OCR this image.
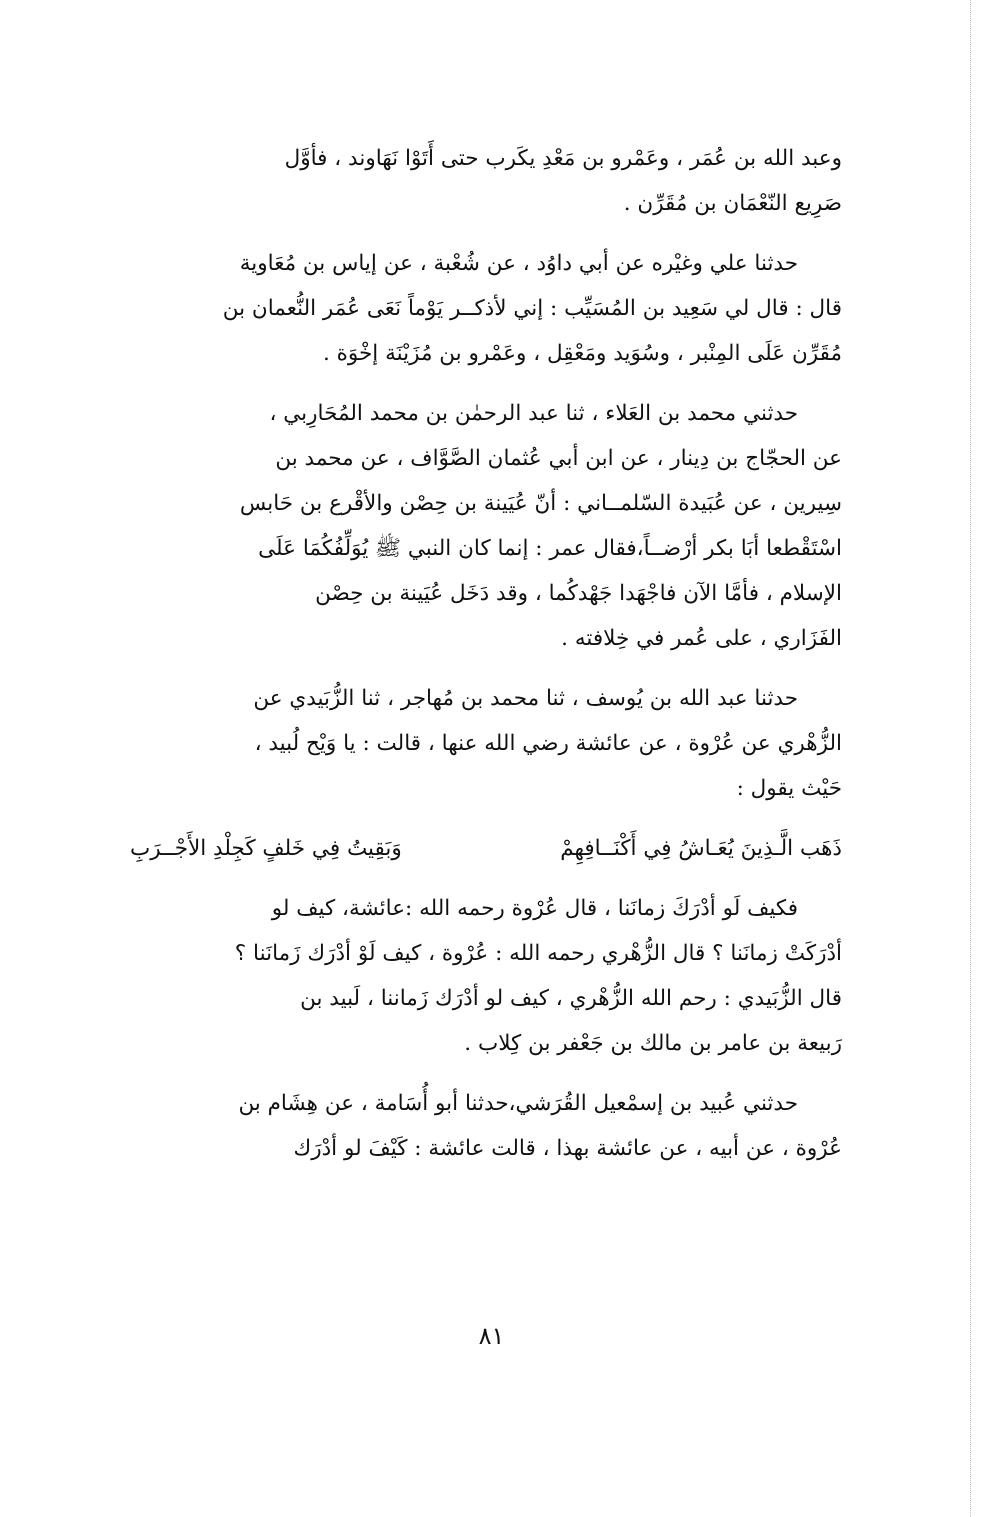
وعبد الله بن عُمَر ، وعَمْرو بن مَعْدِ يكَرب حتى أَتَوْا نَهَاوند ، فأوَّل
صَرِيع النّعْمَان بن مُقَرِّن .

حدثنا علي وغيْره عن أبي داوُد ، عن شُعْبة ، عن إياس بن مُعَاوية
قال : قال لي سَعِيد بن المُسَيِّب : إني لأذكــر يَوْماً نَعَى عُمَر النُّعمان بن
مُقَرِّن عَلَى المِنْبر ، وسُوَيد ومَعْقِل ، وعَمْرو بن مُزَيْنَة إخْوَة .

حدثني محمد بن العَلاء ، ثنا عبد الرحمٰن بن محمد المُحَارِبي ،
عن الحجّاج بن دِينار ، عن ابن أبي عُثمان الصَّوَّاف ، عن محمد بن
سِيرين ، عن عُبَيدة السّلمــاني : أنّ عُيَينة بن حِصْن والأقْرع بن حَابس
اسْتَقْطعا أبَا بكر أرْضــاً،فقال عمر : إنما كان النبي ﷺ يُوَلِّفُكُمَا عَلَى
الإسلام ، فأمَّا الآن فاجْهَدا جَهْدكُما ، وقد دَخَل عُيَينة بن حِصْن
الفَزَاري ، على عُمر في خِلافته .

حدثنا عبد الله بن يُوسف ، ثنا محمد بن مُهاجر ، ثنا الزُّبَيدي عن
الزُّهْري عن عُرْوة ، عن عائشة رضي الله عنها ، قالت : يا وَيْح لُبيد ،
حَيْث يقول :

ذَهَب الَّـذِينَ يُعَـاشُ فِي أَكْنَــافِهِمْ
وَبَقِيتُ فِي خَلفٍ كَجِلْدِ الأَجْــرَبِ

فكيف لَو أدْرَكَ زمانَنا ، قال عُرْوة رحمه الله :عائشة، كيف لو
أدْرَكَتْ زمانَنا ؟ قال الزُّهْري رحمه الله : عُرْوة ، كيف لَوْ أدْرَك زَمانَنا ؟
قال الزُّبَيدي : رحم الله الزُّهْري ، كيف لو أدْرَك زَماننا ، لَبيد بن
رَبيعة بن عامر بن مالك بن جَعْفر بن كِلاب .

حدثني عُبيد بن إسمْعيل القُرَشي،حدثنا أبو أُسَامة ، عن هِشَام بن
عُرْوة ، عن أبيه ، عن عائشة بهذا ، قالت عائشة : كَيْفَ لو أدْرَك

٨١
